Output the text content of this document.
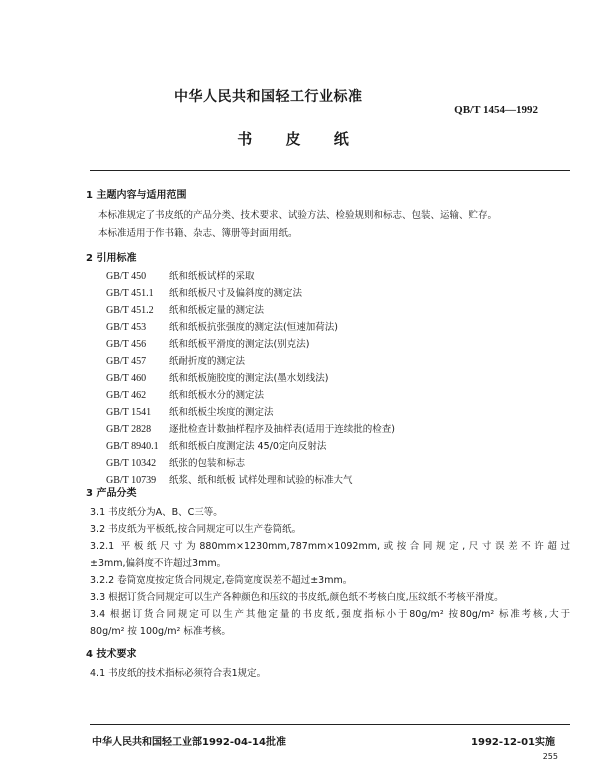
中华人民共和国轻工行业标准
QB/T 1454—1992
书 皮 纸
1 主题内容与适用范围
本标准规定了书皮纸的产品分类、技术要求、试验方法、检验规则和标志、包装、运输、贮存。
本标准适用于作书籍、杂志、簿册等封面用纸。
2 引用标准
GB/T 450 纸和纸板试样的采取
GB/T 451.1 纸和纸板尺寸及偏斜度的测定法
GB/T 451.2 纸和纸板定量的测定法
GB/T 453 纸和纸板抗张强度的测定法(恒速加荷法)
GB/T 456 纸和纸板平滑度的测定法(别克法)
GB/T 457 纸耐折度的测定法
GB/T 460 纸和纸板施胶度的测定法(墨水划线法)
GB/T 462 纸和纸板水分的测定法
GB/T 1541 纸和纸板尘埃度的测定法
GB/T 2828 逐批检查计数抽样程序及抽样表(适用于连续批的检查)
GB/T 8940.1 纸和纸板白度测定法 45/0定向反射法
GB/T 10342 纸张的包装和标志
GB/T 10739 纸浆、纸和纸板 试样处理和试验的标准大气
3 产品分类
3.1 书皮纸分为A、B、C三等。
3.2 书皮纸为平板纸,按合同规定可以生产卷筒纸。
3.2.1 平板纸尺寸为880mm×1230mm,787mm×1092mm,或按合同规定,尺寸误差不许超过
±3mm,偏斜度不许超过3mm。
3.2.2 卷筒宽度按定货合同规定,卷筒宽度误差不超过±3mm。
3.3 根据订货合同规定可以生产各种颜色和压纹的书皮纸,颜色纸不考核白度,压纹纸不考核平滑度。
3.4 根据订货合同规定可以生产其他定量的书皮纸,强度指标小于80g/m² 按80g/m² 标准考核,大于
80g/m² 按 100g/m² 标准考核。
4 技术要求
4.1 书皮纸的技术指标必须符合表1规定。
中华人民共和国轻工业部1992-04-14批准	1992-12-01实施
255
